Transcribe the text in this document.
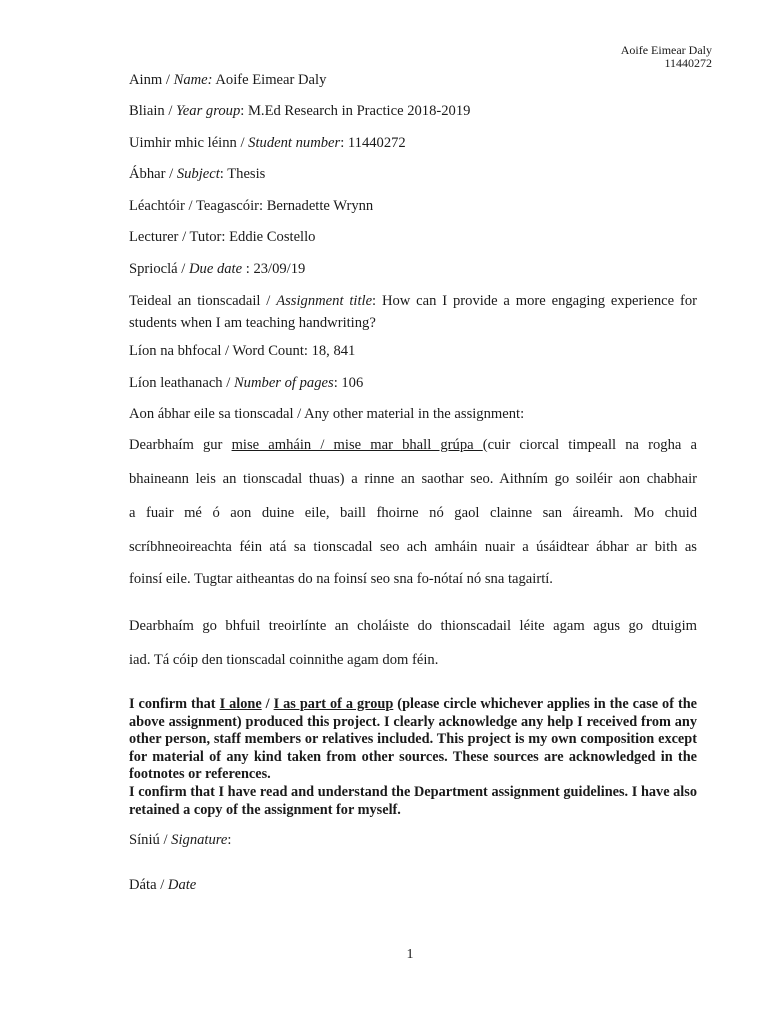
Aoife Eimear Daly
11440272
Ainm / Name: Aoife Eimear Daly
Bliain / Year group: M.Ed Research in Practice 2018-2019
Uimhir mhic léinn / Student number: 11440272
Ábhar / Subject: Thesis
Léachtóir / Teagascóir: Bernadette Wrynn
Lecturer / Tutor: Eddie Costello
Sprioclá / Due date : 23/09/19
Teideal an tionscadail / Assignment title: How can I provide a more engaging experience for students when I am teaching handwriting?
Líon na bhfocal / Word Count: 18, 841
Líon leathanach / Number of pages: 106
Aon ábhar eile sa tionscadal / Any other material in the assignment:
Dearbhaím gur mise amháin / mise mar bhall grúpa (cuir ciorcal timpeall na rogha a
bhaineann leis an tionscadal thuas) a rinne an saothar seo. Aithním go soiléir aon chabhair
a fuair mé ó aon duine eile, baill fhoirne nó gaol clainne san áireamh. Mo chuid
scríbhneoireachta féin atá sa tionscadal seo ach amháin nuair a úsáidtear ábhar ar bith as
foinsí eile. Tugtar aitheantas do na foinsí seo sna fo-nótaí nó sna tagairtí.
Dearbhaím go bhfuil treoirlínte an choláiste do thionscadail léite agam agus go dtuigim
iad. Tá cóip den tionscadal coinnithe agam dom féin.
I confirm that I alone / I as part of a group (please circle whichever applies in the case of the above assignment) produced this project. I clearly acknowledge any help I received from any other person, staff members or relatives included. This project is my own composition except for material of any kind taken from other sources. These sources are acknowledged in the footnotes or references.
I confirm that I have read and understand the Department assignment guidelines. I have also retained a copy of the assignment for myself.
Síniú / Signature:
Dáta / Date
1
